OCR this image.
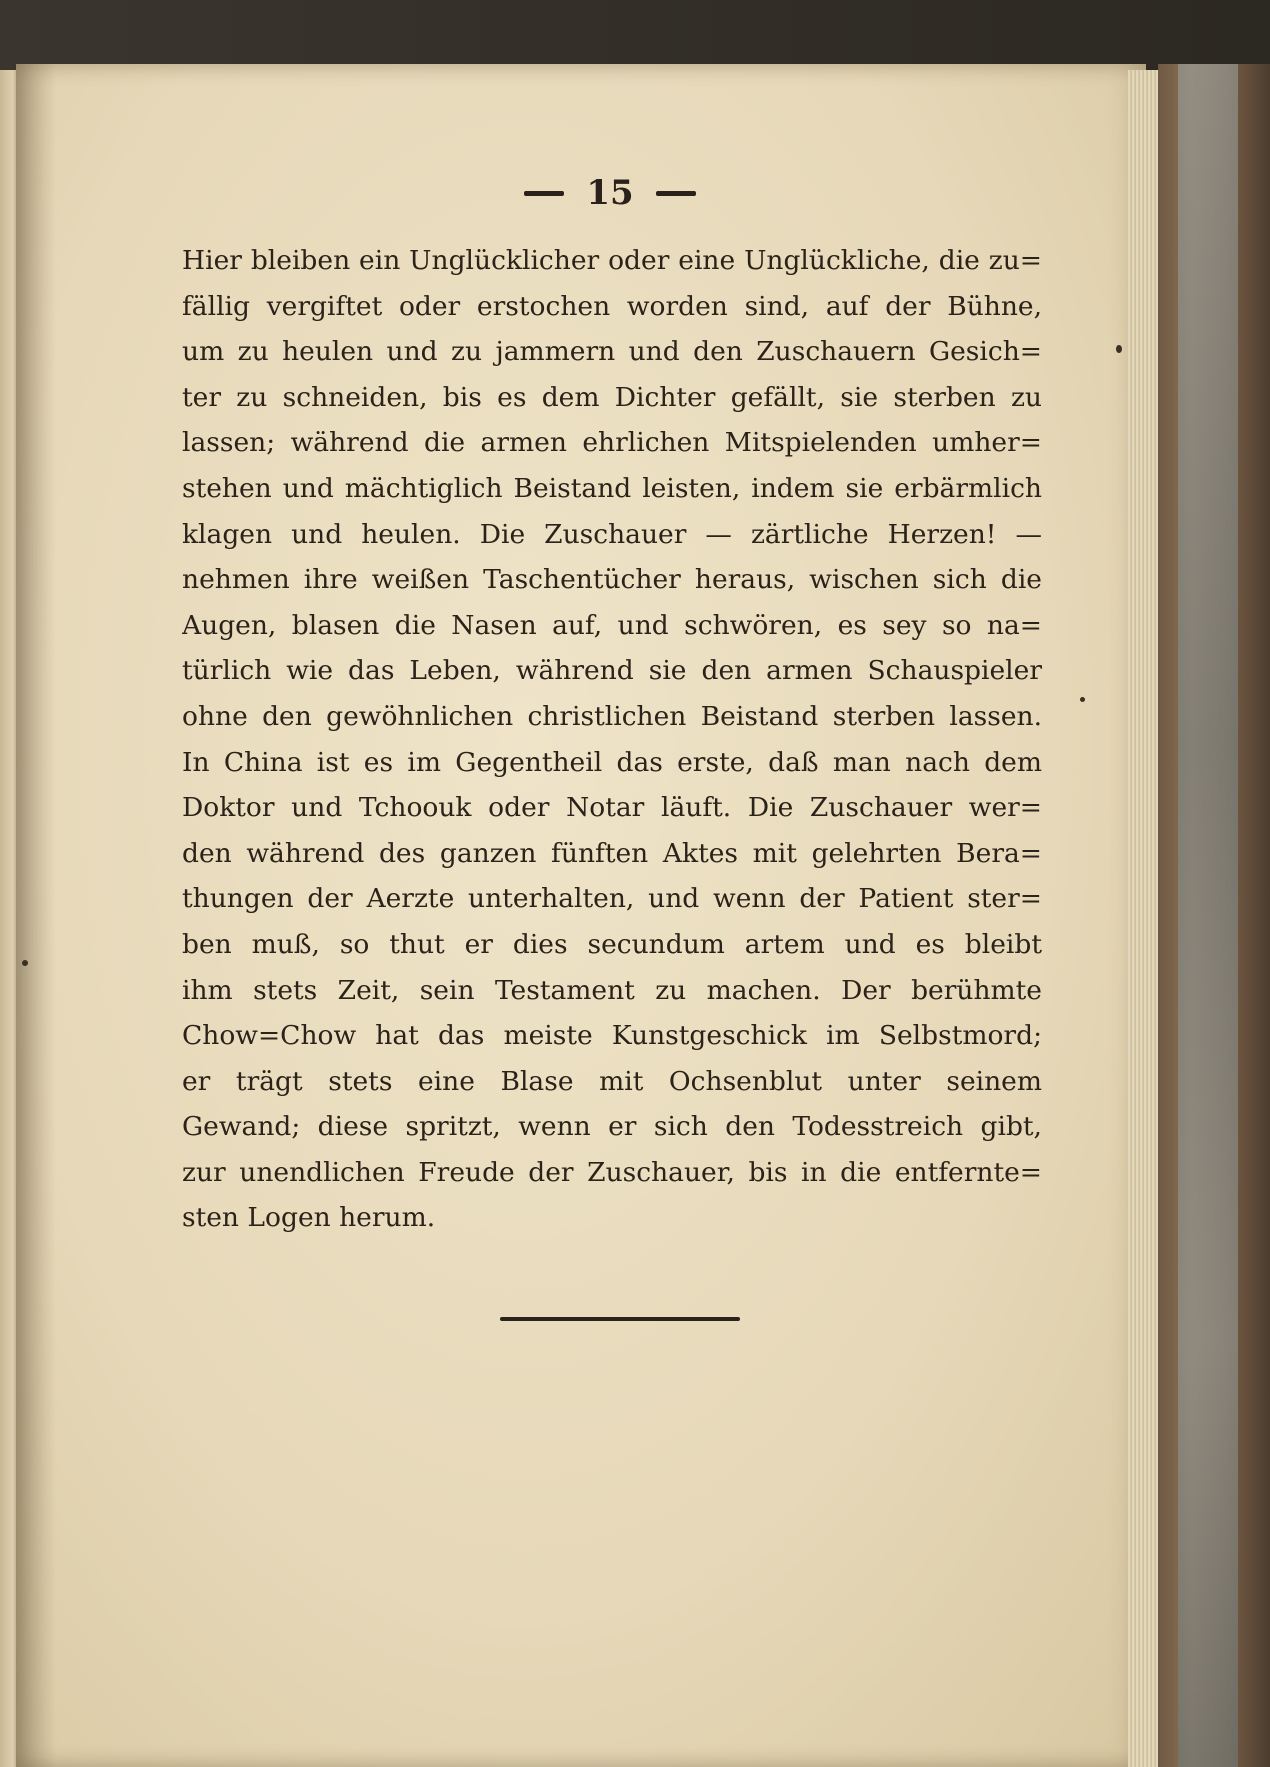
15
Hier bleiben ein Unglücklicher oder eine Unglückliche, die zu=
fällig vergiftet oder erstochen worden sind, auf der Bühne,
um zu heulen und zu jammern und den Zuschauern Gesich=
ter zu schneiden, bis es dem Dichter gefällt, sie sterben zu
lassen; während die armen ehrlichen Mitspielenden umher=
stehen und mächtiglich Beistand leisten, indem sie erbärmlich
klagen und heulen. Die Zuschauer — zärtliche Herzen! —
nehmen ihre weißen Taschentücher heraus, wischen sich die
Augen, blasen die Nasen auf, und schwören, es sey so na=
türlich wie das Leben, während sie den armen Schauspieler
ohne den gewöhnlichen christlichen Beistand sterben lassen.
In China ist es im Gegentheil das erste, daß man nach dem
Doktor und Tchoouk oder Notar läuft. Die Zuschauer wer=
den während des ganzen fünften Aktes mit gelehrten Bera=
thungen der Aerzte unterhalten, und wenn der Patient ster=
ben muß, so thut er dies secundum artem und es bleibt
ihm stets Zeit, sein Testament zu machen. Der berühmte
Chow=Chow hat das meiste Kunstgeschick im Selbstmord;
er trägt stets eine Blase mit Ochsenblut unter seinem
Gewand; diese spritzt, wenn er sich den Todesstreich gibt,
zur unendlichen Freude der Zuschauer, bis in die entfernte=
sten Logen herum.
